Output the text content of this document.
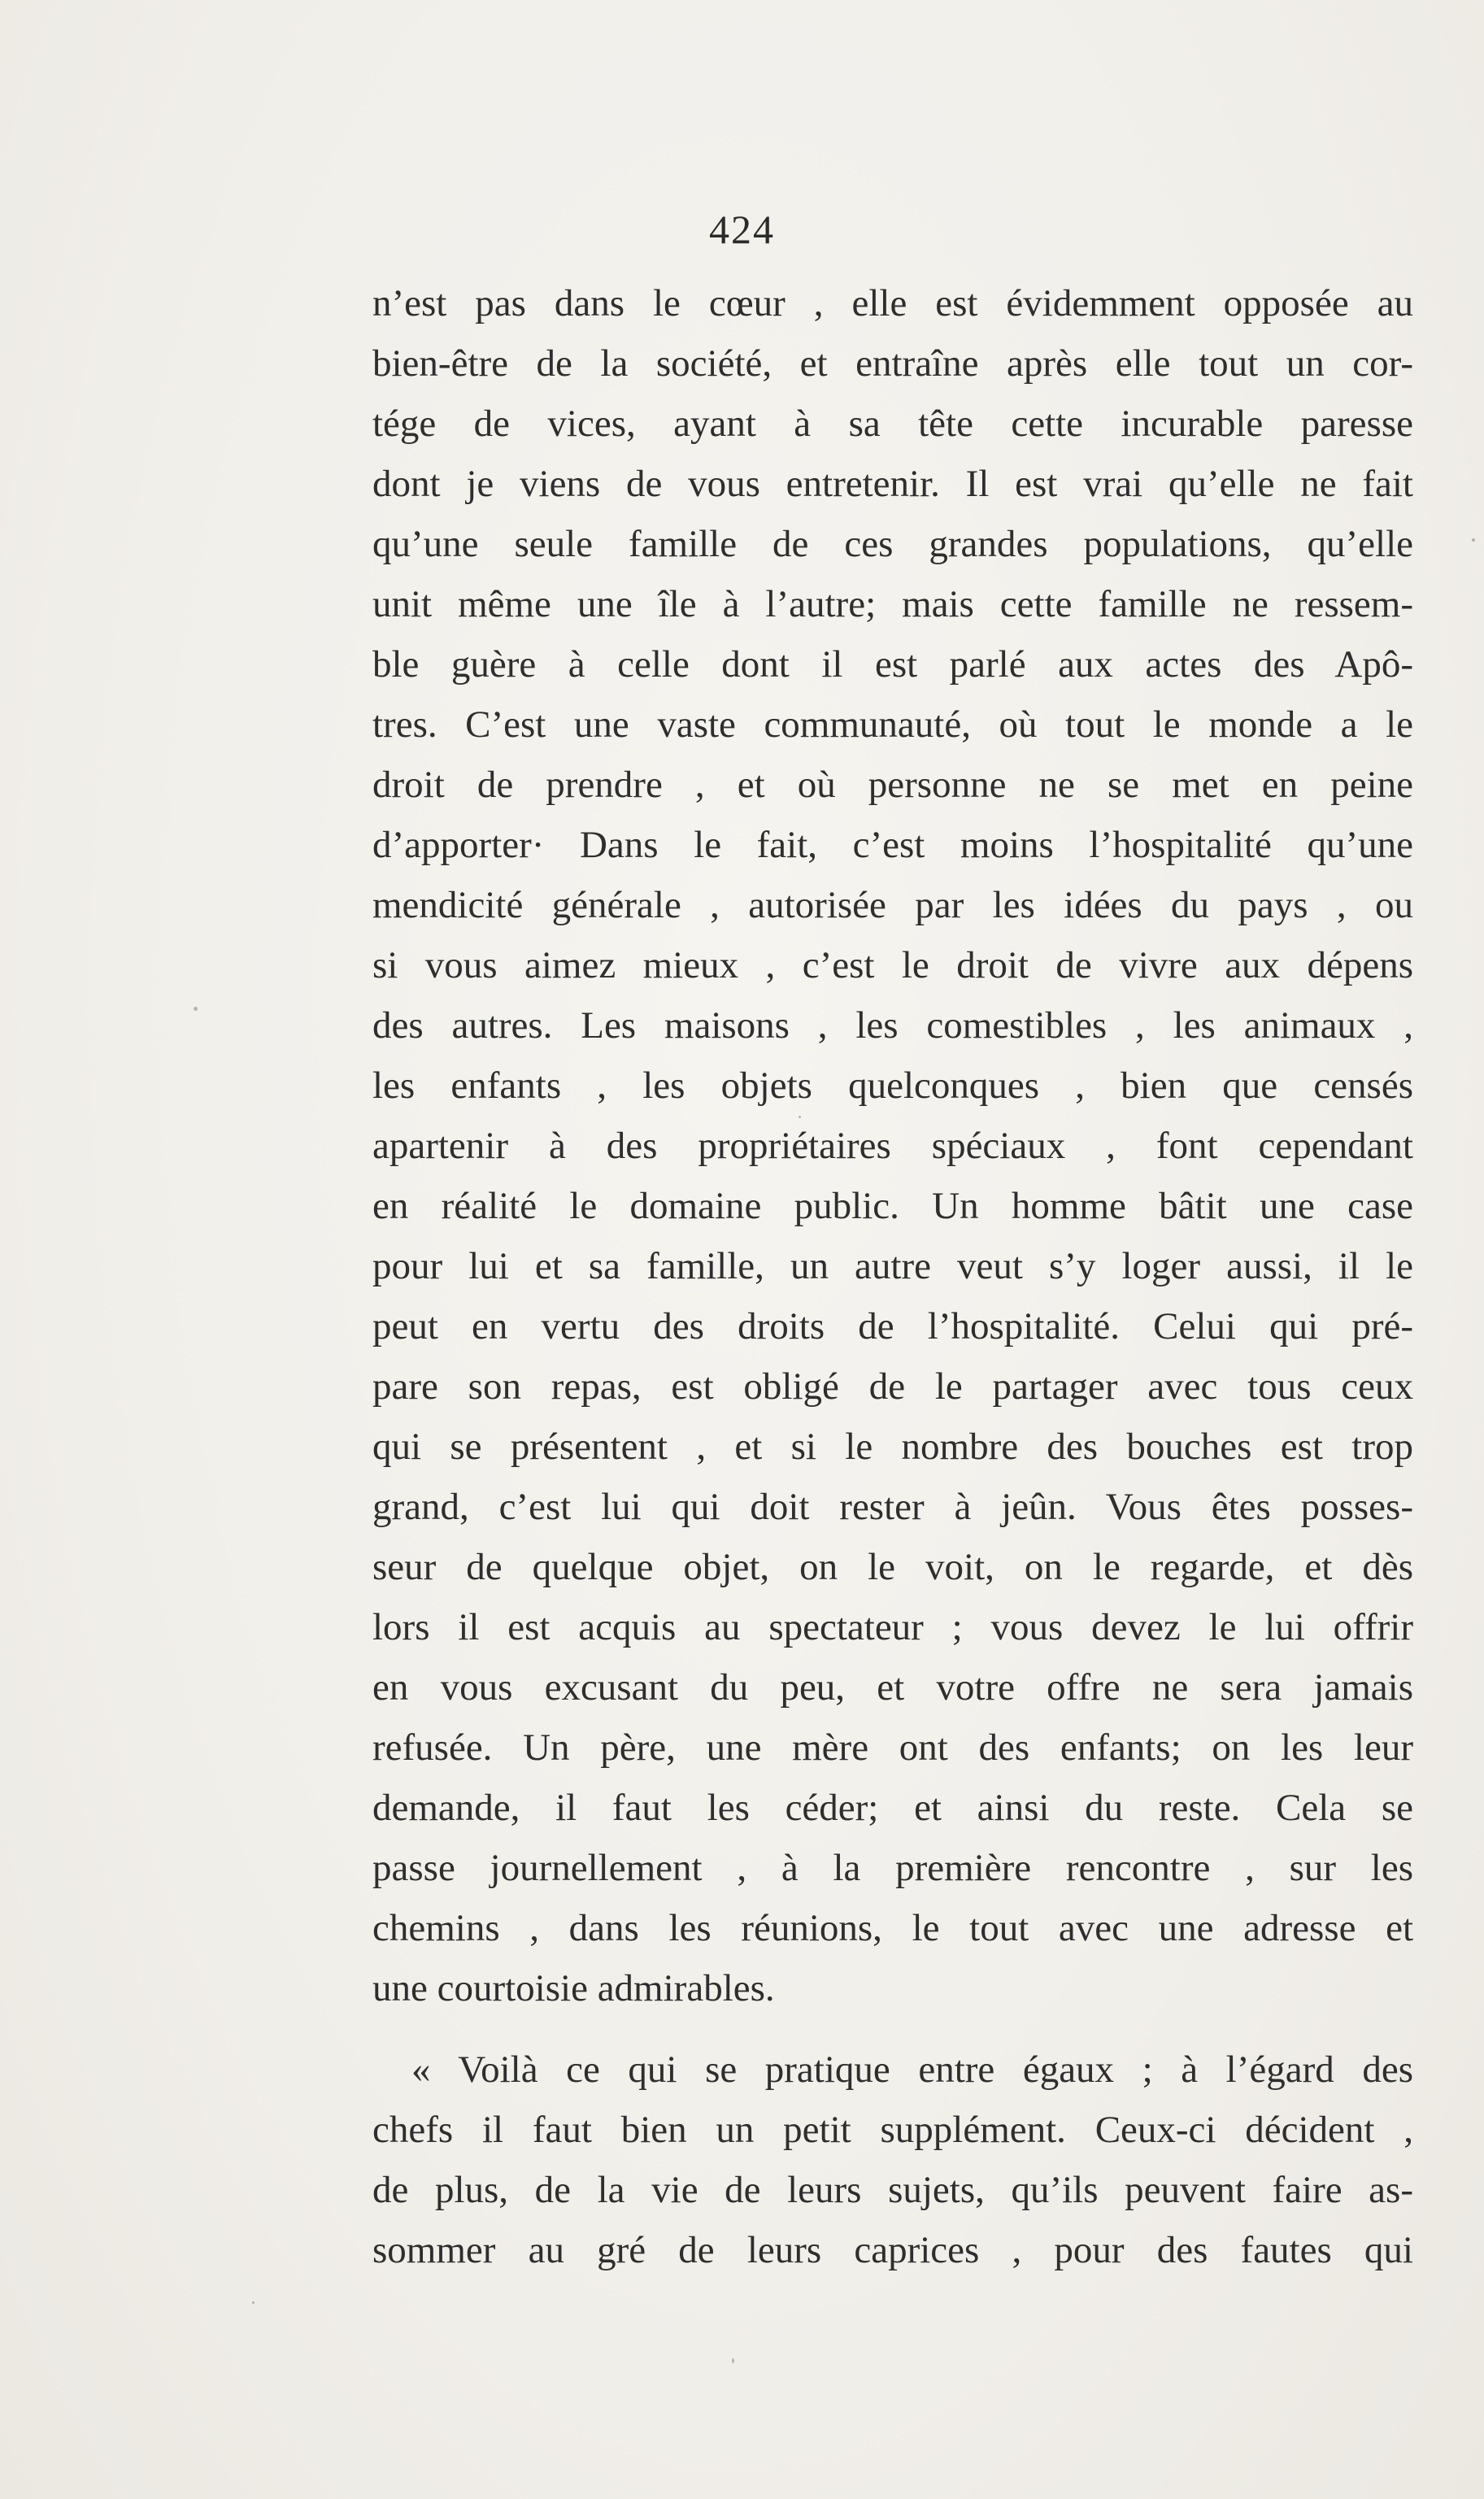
424
n’est pas dans le cœur , elle est évidemment opposée au
bien-être de la société, et entraîne après elle tout un cor-
tége de vices, ayant à sa tête cette incurable paresse
dont je viens de vous entretenir. Il est vrai qu’elle ne fait
qu’une seule famille de ces grandes populations, qu’elle
unit même une île à l’autre; mais cette famille ne ressem-
ble guère à celle dont il est parlé aux actes des Apô-
tres. C’est une vaste communauté, où tout le monde a le
droit de prendre , et où personne ne se met en peine
d’apporter· Dans le fait, c’est moins l’hospitalité qu’une
mendicité générale , autorisée par les idées du pays , ou
si vous aimez mieux , c’est le droit de vivre aux dépens
des autres. Les maisons , les comestibles , les animaux ,
les enfants , les objets quelconques , bien que censés
apartenir à des propriétaires spéciaux , font cependant
en réalité le domaine public. Un homme bâtit une case
pour lui et sa famille, un autre veut s’y loger aussi, il le
peut en vertu des droits de l’hospitalité. Celui qui pré-
pare son repas, est obligé de le partager avec tous ceux
qui se présentent , et si le nombre des bouches est trop
grand, c’est lui qui doit rester à jeûn. Vous êtes posses-
seur de quelque objet, on le voit, on le regarde, et dès
lors il est acquis au spectateur ; vous devez le lui offrir
en vous excusant du peu, et votre offre ne sera jamais
refusée. Un père, une mère ont des enfants; on les leur
demande, il faut les céder; et ainsi du reste. Cela se
passe journellement , à la première rencontre , sur les
chemins , dans les réunions, le tout avec une adresse et
une courtoisie admirables.
« Voilà ce qui se pratique entre égaux ; à l’égard des
chefs il faut bien un petit supplément. Ceux-ci décident ,
de plus, de la vie de leurs sujets, qu’ils peuvent faire as-
sommer au gré de leurs caprices , pour des fautes qui
